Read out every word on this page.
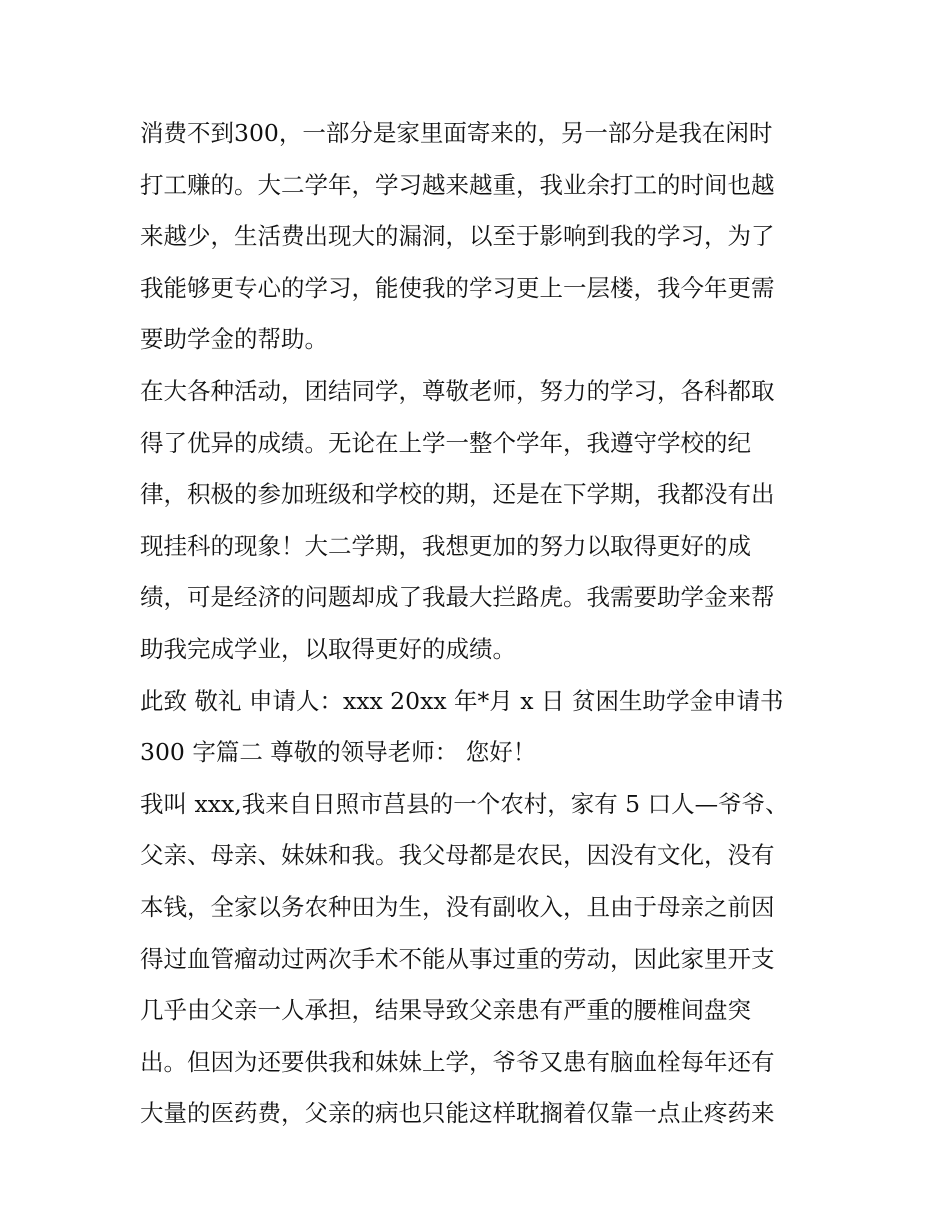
消费不到300，一部分是家里面寄来的，另一部分是我在闲时
打工赚的。大二学年，学习越来越重，我业余打工的时间也越
来越少，生活费出现大的漏洞，以至于影响到我的学习，为了
我能够更专心的学习，能使我的学习更上一层楼，我今年更需
要助学金的帮助。
在大各种活动，团结同学，尊敬老师，努力的学习，各科都取
得了优异的成绩。无论在上学一整个学年，我遵守学校的纪
律，积极的参加班级和学校的期，还是在下学期，我都没有出
现挂科的现象！大二学期，我想更加的努力以取得更好的成
绩，可是经济的问题却成了我最大拦路虎。我需要助学金来帮
助我完成学业，以取得更好的成绩。
此致 敬礼 申请人：xxx 20xx 年*月 x 日 贫困生助学金申请书
300 字篇二 尊敬的领导老师： 您好！
我叫 xxx,我来自日照市莒县的一个农村，家有 5 口人—爷爷、
父亲、母亲、妹妹和我。我父母都是农民，因没有文化，没有
本钱，全家以务农种田为生，没有副收入，且由于母亲之前因
得过血管瘤动过两次手术不能从事过重的劳动，因此家里开支
几乎由父亲一人承担，结果导致父亲患有严重的腰椎间盘突
出。但因为还要供我和妹妹上学，爷爷又患有脑血栓每年还有
大量的医药费，父亲的病也只能这样耽搁着仅靠一点止疼药来
